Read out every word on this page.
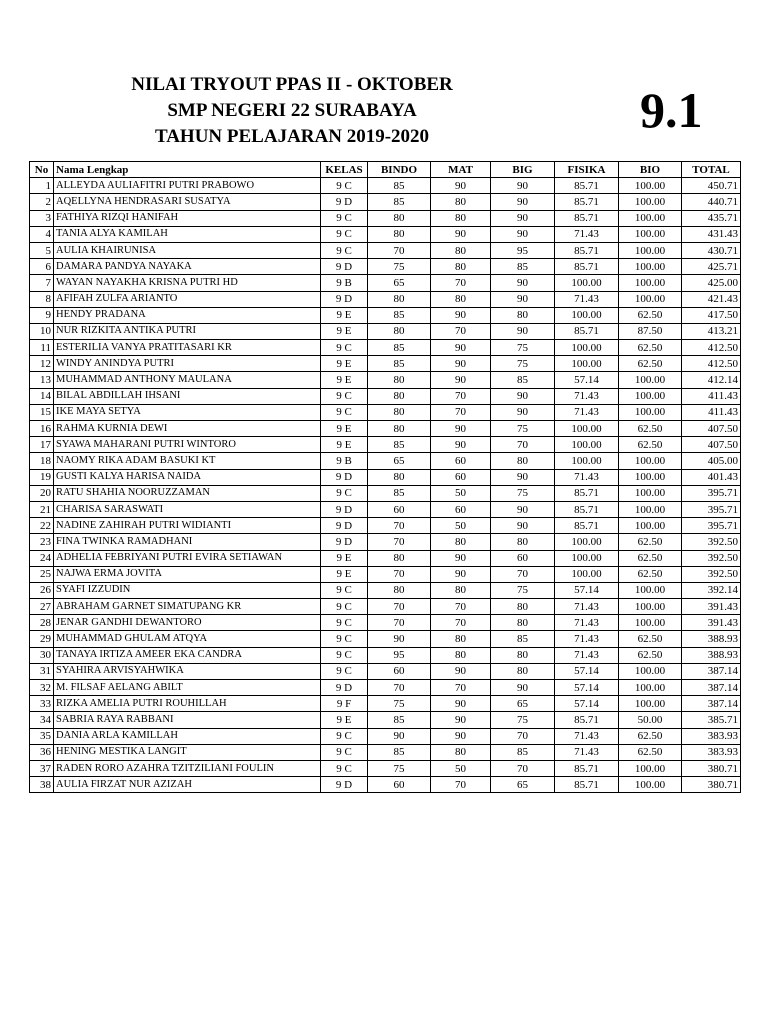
NILAI TRYOUT PPAS II - OKTOBER
SMP NEGERI 22 SURABAYA
TAHUN PELAJARAN 2019-2020	9.1
No	Nama Lengkap	KELAS	BINDO	MAT	BIG	FISIKA	BIO	TOTAL
1	ALLEYDA AULIAFITRI PUTRI PRABOWO	9 C	85	90	90	85.71	100.00	450.71
2	AQELLYNA HENDRASARI SUSATYA	9 D	85	80	90	85.71	100.00	440.71
3	FATHIYA RIZQI HANIFAH	9 C	80	80	90	85.71	100.00	435.71
4	TANIA ALYA KAMILAH	9 C	80	90	90	71.43	100.00	431.43
5	AULIA KHAIRUNISA	9 C	70	80	95	85.71	100.00	430.71
6	DAMARA PANDYA NAYAKA	9 D	75	80	85	85.71	100.00	425.71
7	WAYAN NAYAKHA KRISNA PUTRI HD	9 B	65	70	90	100.00	100.00	425.00
8	AFIFAH ZULFA ARIANTO	9 D	80	80	90	71.43	100.00	421.43
9	HENDY PRADANA	9 E	85	90	80	100.00	62.50	417.50
10	NUR RIZKITA ANTIKA PUTRI	9 E	80	70	90	85.71	87.50	413.21
11	ESTERILIA VANYA PRATITASARI KR	9 C	85	90	75	100.00	62.50	412.50
12	WINDY ANINDYA PUTRI	9 E	85	90	75	100.00	62.50	412.50
13	MUHAMMAD ANTHONY MAULANA	9 E	80	90	85	57.14	100.00	412.14
14	BILAL ABDILLAH IHSANI	9 C	80	70	90	71.43	100.00	411.43
15	IKE MAYA SETYA	9 C	80	70	90	71.43	100.00	411.43
16	RAHMA KURNIA DEWI	9 E	80	90	75	100.00	62.50	407.50
17	SYAWA MAHARANI PUTRI WINTORO	9 E	85	90	70	100.00	62.50	407.50
18	NAOMY RIKA ADAM BASUKI KT	9 B	65	60	80	100.00	100.00	405.00
19	GUSTI KALYA HARISA NAIDA	9 D	80	60	90	71.43	100.00	401.43
20	RATU SHAHIA NOORUZZAMAN	9 C	85	50	75	85.71	100.00	395.71
21	CHARISA SARASWATI	9 D	60	60	90	85.71	100.00	395.71
22	NADINE ZAHIRAH PUTRI WIDIANTI	9 D	70	50	90	85.71	100.00	395.71
23	FINA TWINKA RAMADHANI	9 D	70	80	80	100.00	62.50	392.50
24	ADHELIA FEBRIYANI PUTRI EVIRA SETIAWAN	9 E	80	90	60	100.00	62.50	392.50
25	NAJWA ERMA JOVITA	9 E	70	90	70	100.00	62.50	392.50
26	SYAFI IZZUDIN	9 C	80	80	75	57.14	100.00	392.14
27	ABRAHAM GARNET SIMATUPANG KR	9 C	70	70	80	71.43	100.00	391.43
28	JENAR GANDHI DEWANTORO	9 C	70	70	80	71.43	100.00	391.43
29	MUHAMMAD GHULAM ATQYA	9 C	90	80	85	71.43	62.50	388.93
30	TANAYA IRTIZA AMEER EKA CANDRA	9 C	95	80	80	71.43	62.50	388.93
31	SYAHIRA ARVISYAHWIKA	9 C	60	90	80	57.14	100.00	387.14
32	M. FILSAF AELANG ABILT	9 D	70	70	90	57.14	100.00	387.14
33	RIZKA AMELIA PUTRI ROUHILLAH	9 F	75	90	65	57.14	100.00	387.14
34	SABRIA RAYA RABBANI	9 E	85	90	75	85.71	50.00	385.71
35	DANIA ARLA KAMILLAH	9 C	90	90	70	71.43	62.50	383.93
36	HENING MESTIKA LANGIT	9 C	85	80	85	71.43	62.50	383.93
37	RADEN RORO AZAHRA TZITZILIANI FOULIN	9 C	75	50	70	85.71	100.00	380.71
38	AULIA FIRZAT NUR AZIZAH	9 D	60	70	65	85.71	100.00	380.71
